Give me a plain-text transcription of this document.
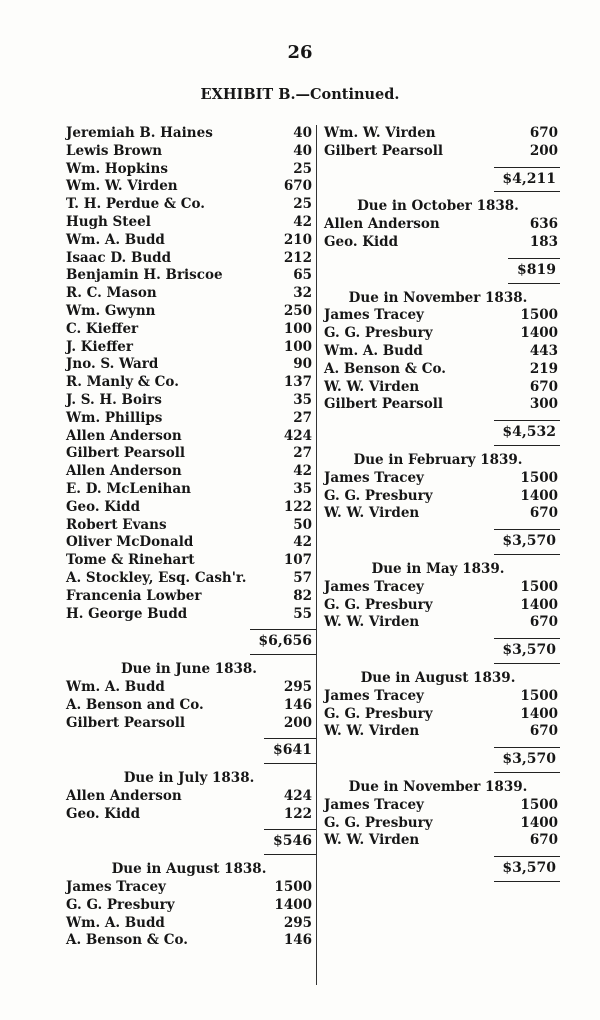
26
EXHIBIT B.—Continued.
Jeremiah B. Haines	40
Lewis Brown	40
Wm. Hopkins	25
Wm. W. Virden	670
T. H. Perdue & Co.	25
Hugh Steel	42
Wm. A. Budd	210
Isaac D. Budd	212
Benjamin H. Briscoe	65
R. C. Mason	32
Wm. Gwynn	250
C. Kieffer	100
J. Kieffer	100
Jno. S. Ward	90
R. Manly & Co.	137
J. S. H. Boirs	35
Wm. Phillips	27
Allen Anderson	424
Gilbert Pearsoll	27
Allen Anderson	42
E. D. McLenihan	35
Geo. Kidd	122
Robert Evans	50
Oliver McDonald	42
Tome & Rinehart	107
A. Stockley, Esq. Cash'r.	57
Francenia Lowber	82
H. George Budd	55
$6,656
Due in June 1838.
Wm. A. Budd	295
A. Benson and Co.	146
Gilbert Pearsoll	200
$641
Due in July 1838.
Allen Anderson	424
Geo. Kidd	122
$546
Due in August 1838.
James Tracey	1500
G. G. Presbury	1400
Wm. A. Budd	295
A. Benson & Co.	146
Wm. W. Virden	670
Gilbert Pearsoll	200
$4,211
Due in October 1838.
Allen Anderson	636
Geo. Kidd	183
$819
Due in November 1838.
James Tracey	1500
G. G. Presbury	1400
Wm. A. Budd	443
A. Benson & Co.	219
W. W. Virden	670
Gilbert Pearsoll	300
$4,532
Due in February 1839.
James Tracey	1500
G. G. Presbury	1400
W. W. Virden	670
$3,570
Due in May 1839.
James Tracey	1500
G. G. Presbury	1400
W. W. Virden	670
$3,570
Due in August 1839.
James Tracey	1500
G. G. Presbury	1400
W. W. Virden	670
$3,570
Due in November 1839.
James Tracey	1500
G. G. Presbury	1400
W. W. Virden	670
$3,570
